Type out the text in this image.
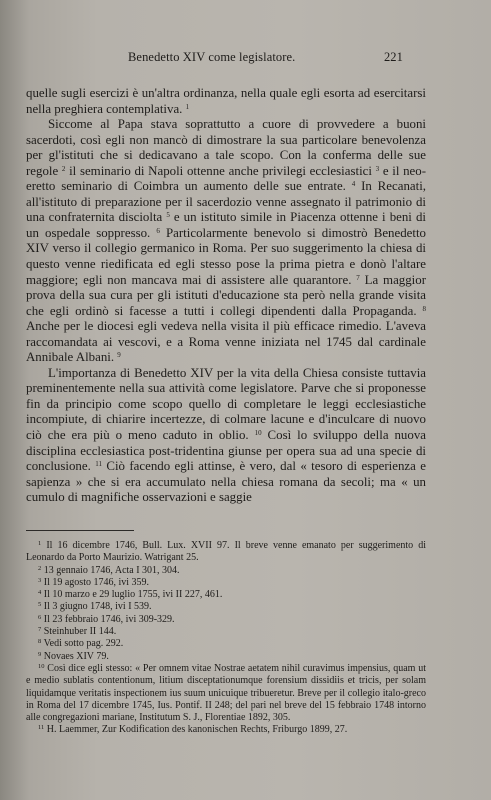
Benedetto XIV come legislatore.	221

quelle sugli esercizi è un'altra ordinanza, nella quale egli esorta ad esercitarsi nella preghiera contemplativa. $^1$

Siccome al Papa stava soprattutto a cuore di provvedere a buoni sacerdoti, così egli non mancò di dimostrare la sua particolare benevolenza per gl'istituti che si dedicavano a tale scopo. Con la conferma delle sue regole $^2$ il seminario di Napoli ottenne anche privilegi ecclesiastici $^3$ e il neo-eretto seminario di Coimbra un aumento delle sue entrate. $^4$ In Recanati, all'istituto di preparazione per il sacerdozio venne assegnato il patrimonio di una confraternita disciolta $^5$ e un istituto simile in Piacenza ottenne i beni di un ospedale soppresso. $^6$ Particolarmente benevolo si dimostrò Benedetto XIV verso il collegio germanico in Roma. Per suo suggerimento la chiesa di questo venne riedificata ed egli stesso pose la prima pietra e donò l'altare maggiore; egli non mancava mai di assistere alle quarantore. $^7$ La maggior prova della sua cura per gli istituti d'educazione sta però nella grande visita che egli ordinò si facesse a tutti i collegi dipendenti dalla Propaganda. $^8$ Anche per le diocesi egli vedeva nella visita il più efficace rimedio. L'aveva raccomandata ai vescovi, e a Roma venne iniziata nel 1745 dal cardinale Annibale Albani. $^9$

L'importanza di Benedetto XIV per la vita della Chiesa consiste tuttavia preminentemente nella sua attività come legislatore. Parve che si proponesse fin da principio come scopo quello di completare le leggi ecclesiastiche incompiute, di chiarire incertezze, di colmare lacune e d'inculcare di nuovo ciò che era più o meno caduto in oblio. $^{10}$ Così lo sviluppo della nuova disciplina ecclesiastica post-tridentina giunse per opera sua ad una specie di conclusione. $^{11}$ Ciò facendo egli attinse, è vero, dal « tesoro di esperienza e sapienza » che si era accumulato nella chiesa romana da secoli; ma « un cumulo di magnifiche osservazioni e saggie

$^1$ Il 16 dicembre 1746, Bull. Lux. XVII 97. Il breve venne emanato per suggerimento di Leonardo da Porto Maurizio. Watrigant 25.

$^2$ 13 gennaio 1746, Acta I 301, 304.

$^3$ Il 19 agosto 1746, ivi 359.

$^4$ Il 10 marzo e 29 luglio 1755, ivi II 227, 461.

$^5$ Il 3 giugno 1748, ivi I 539.

$^6$ Il 23 febbraio 1746, ivi 309-329.

$^7$ Steinhuber II 144.

$^8$ Vedi sotto pag. 292.

$^9$ Novaes XIV 79.

$^{10}$ Così dice egli stesso: « Per omnem vitae Nostrae aetatem nihil curavimus impensius, quam ut e medio sublatis contentionum, litium disceptationumque forensium dissidiis et tricis, per solam liquidamque veritatis inspectionem ius suum unicuique tribueretur. Breve per il collegio italo-greco in Roma del 17 dicembre 1745, Ius. Pontif. II 248; del pari nel breve del 15 febbraio 1748 intorno alle congregazioni mariane, Institutum S. J., Florentiae 1892, 305.

$^{11}$ H. Laemmer, Zur Kodification des kanonischen Rechts, Friburgo 1899, 27.
